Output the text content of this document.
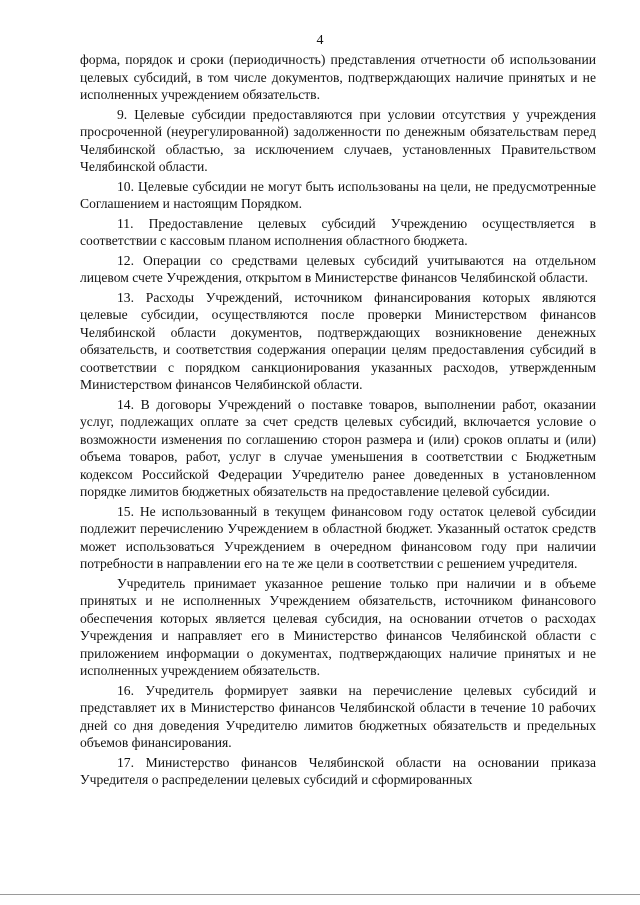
4

форма, порядок и сроки (периодичность) представления отчетности об использовании целевых субсидий, в том числе документов, подтверждающих наличие принятых и не исполненных учреждением обязательств.

9. Целевые субсидии предоставляются при условии отсутствия у учреждения просроченной (неурегулированной) задолженности по денежным обязательствам перед Челябинской областью, за исключением случаев, установленных Правительством Челябинской области.

10. Целевые субсидии не могут быть использованы на цели, не предусмотренные Соглашением и настоящим Порядком.

11. Предоставление целевых субсидий Учреждению осуществляется в соответствии с кассовым планом исполнения областного бюджета.

12. Операции со средствами целевых субсидий учитываются на отдельном лицевом счете Учреждения, открытом в Министерстве финансов Челябинской области.

13. Расходы Учреждений, источником финансирования которых являются целевые субсидии, осуществляются после проверки Министерством финансов Челябинской области документов, подтверждающих возникновение денежных обязательств, и соответствия содержания операции целям предоставления субсидий в соответствии с порядком санкционирования указанных расходов, утвержденным Министерством финансов Челябинской области.

14. В договоры Учреждений о поставке товаров, выполнении работ, оказании услуг, подлежащих оплате за счет средств целевых субсидий, включается условие о возможности изменения по соглашению сторон размера и (или) сроков оплаты и (или) объема товаров, работ, услуг в случае уменьшения в соответствии с Бюджетным кодексом Российской Федерации Учредителю ранее доведенных в установленном порядке лимитов бюджетных обязательств на предоставление целевой субсидии.

15. Не использованный в текущем финансовом году остаток целевой субсидии подлежит перечислению Учреждением в областной бюджет. Указанный остаток средств может использоваться Учреждением в очередном финансовом году при наличии потребности в направлении его на те же цели в соответствии с решением учредителя.

Учредитель принимает указанное решение только при наличии и в объеме принятых и не исполненных Учреждением обязательств, источником финансового обеспечения которых является целевая субсидия, на основании отчетов о расходах Учреждения и направляет его в Министерство финансов Челябинской области с приложением информации о документах, подтверждающих наличие принятых и не исполненных учреждением обязательств.

16. Учредитель формирует заявки на перечисление целевых субсидий и представляет их в Министерство финансов Челябинской области в течение 10 рабочих дней со дня доведения Учредителю лимитов бюджетных обязательств и предельных объемов финансирования.

17. Министерство финансов Челябинской области на основании приказа Учредителя о распределении целевых субсидий и сформированных
